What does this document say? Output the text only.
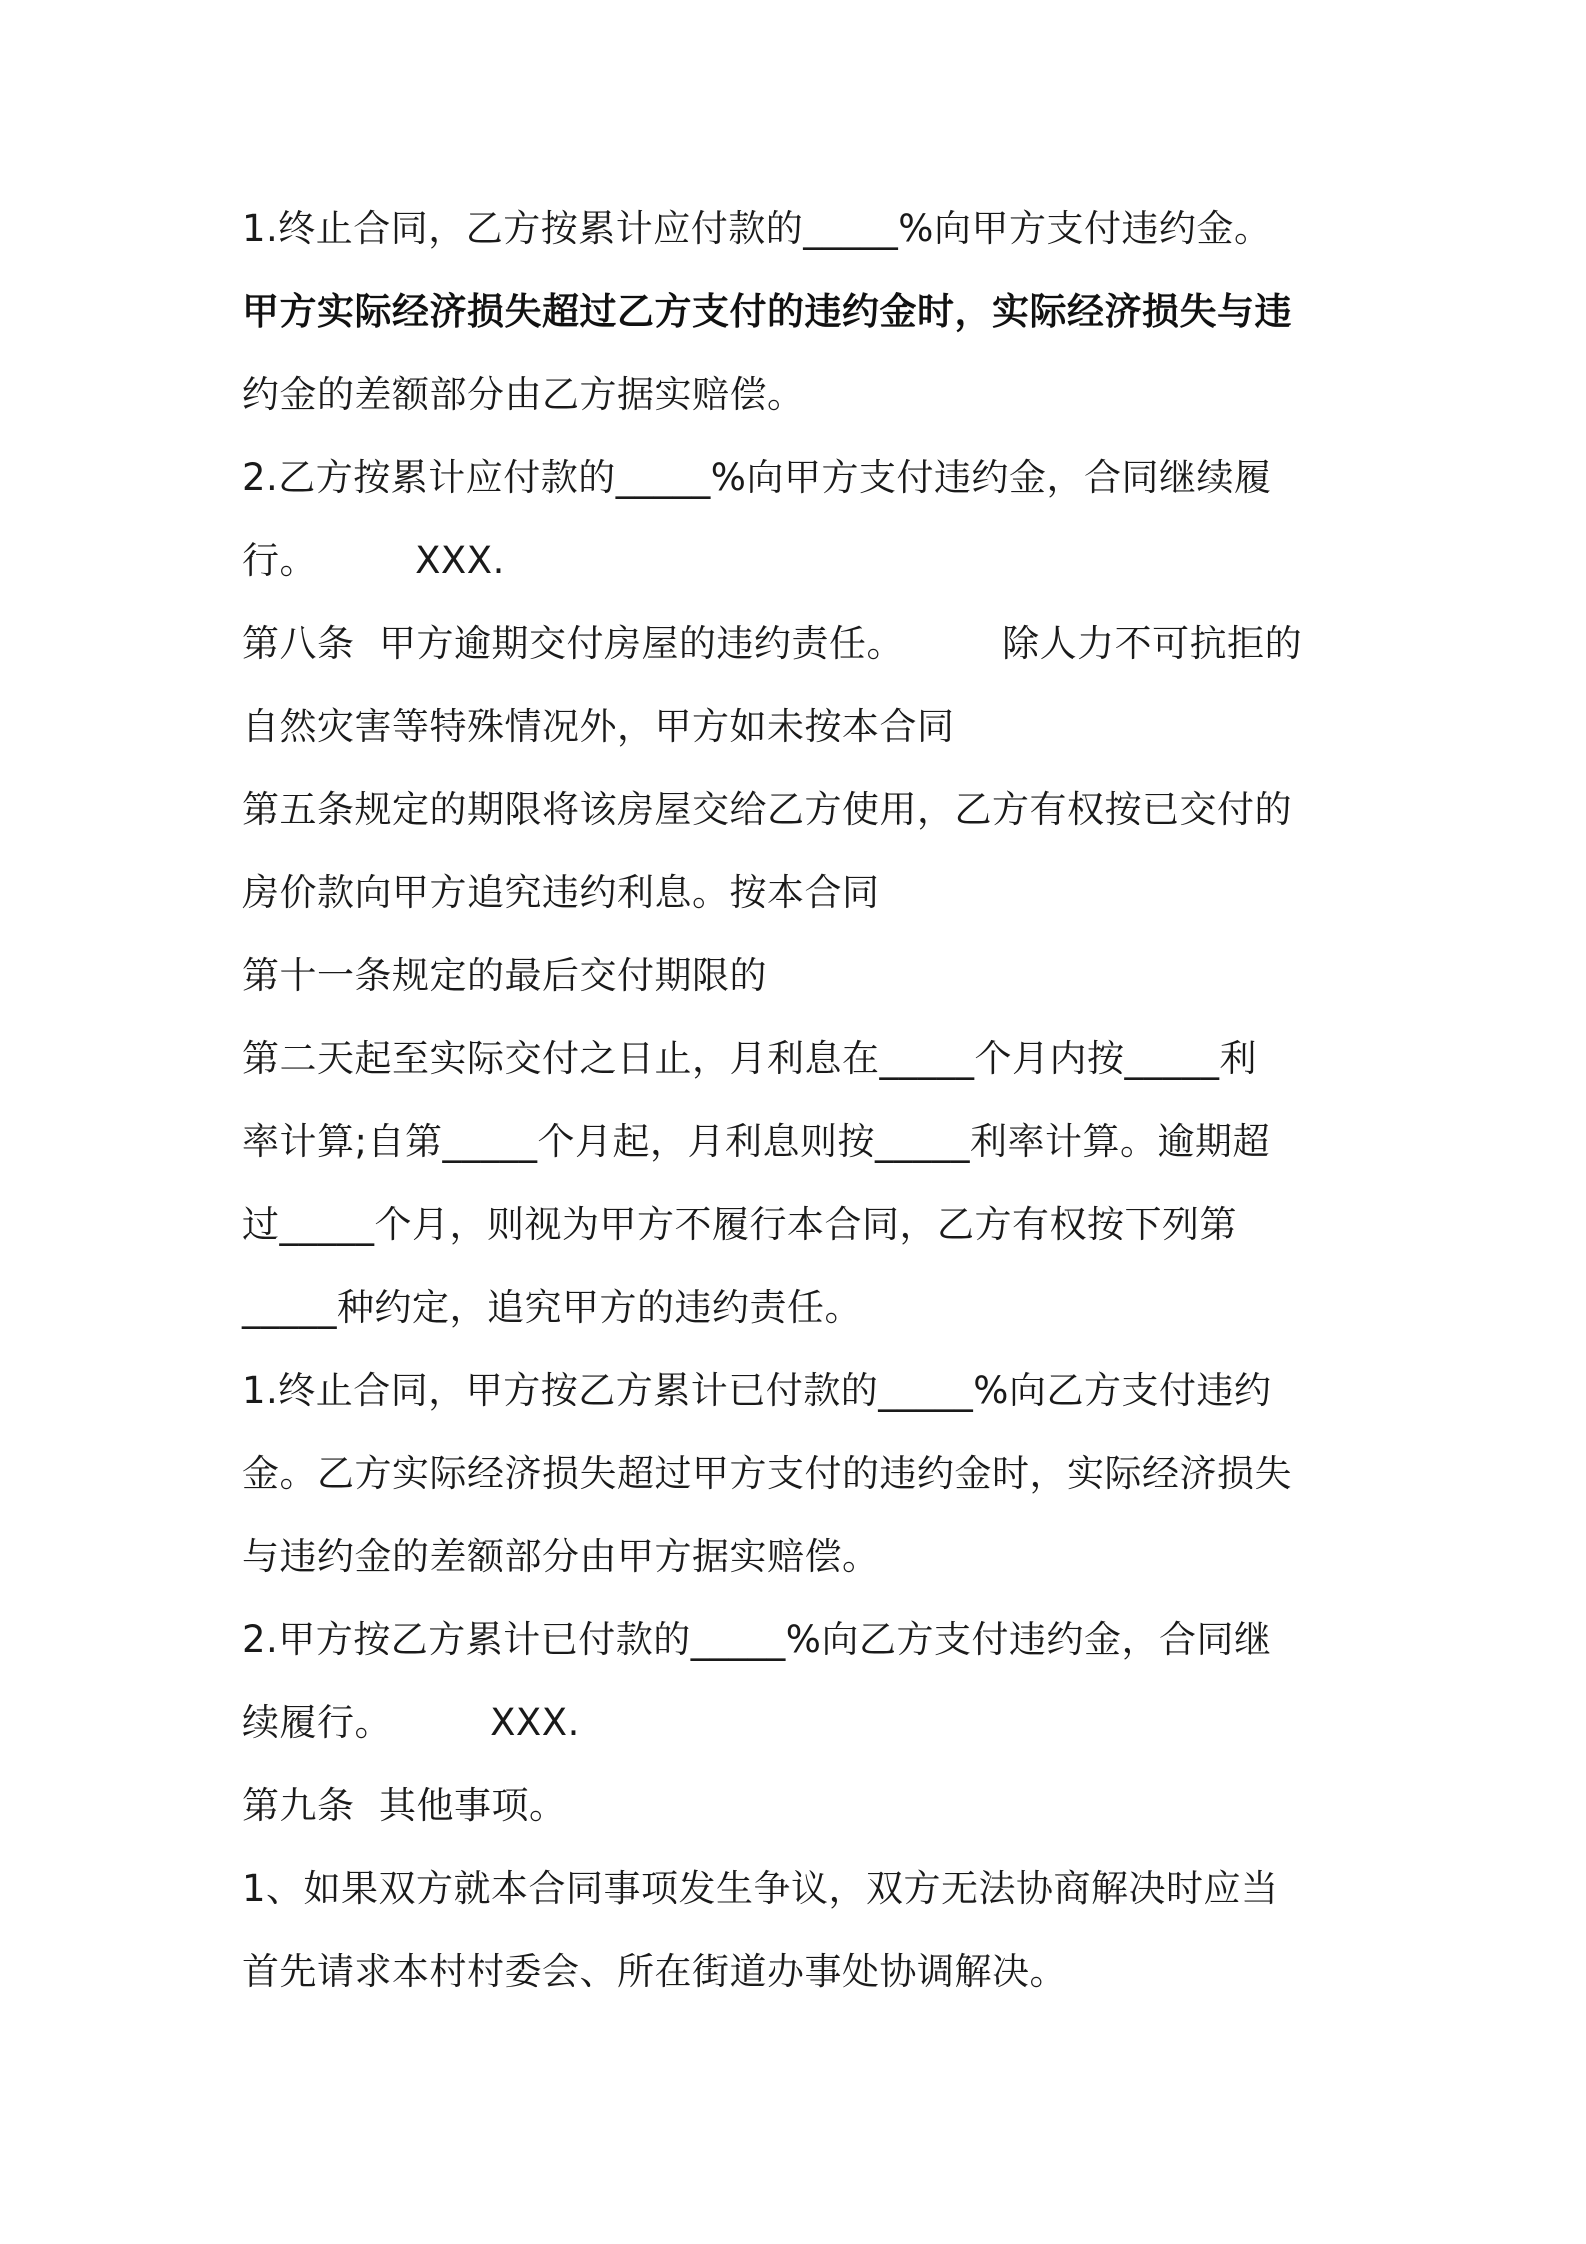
1.终止合同，乙方按累计应付款的_____%向甲方支付违约金。
甲方实际经济损失超过乙方支付的违约金时，实际经济损失与违
约金的差额部分由乙方据实赔偿。
2.乙方按累计应付款的_____%向甲方支付违约金，合同继续履
行。        XXX.
第八条  甲方逾期交付房屋的违约责任。        除人力不可抗拒的
自然灾害等特殊情况外，甲方如未按本合同
第五条规定的期限将该房屋交给乙方使用，乙方有权按已交付的
房价款向甲方追究违约利息。按本合同
第十一条规定的最后交付期限的
第二天起至实际交付之日止，月利息在_____个月内按_____利
率计算;自第_____个月起，月利息则按_____利率计算。逾期超
过_____个月，则视为甲方不履行本合同，乙方有权按下列第
_____种约定，追究甲方的违约责任。
1.终止合同，甲方按乙方累计已付款的_____%向乙方支付违约
金。乙方实际经济损失超过甲方支付的违约金时，实际经济损失
与违约金的差额部分由甲方据实赔偿。
2.甲方按乙方累计已付款的_____%向乙方支付违约金，合同继
续履行。        XXX.
第九条  其他事项。
1、如果双方就本合同事项发生争议，双方无法协商解决时应当
首先请求本村村委会、所在街道办事处协调解决。
